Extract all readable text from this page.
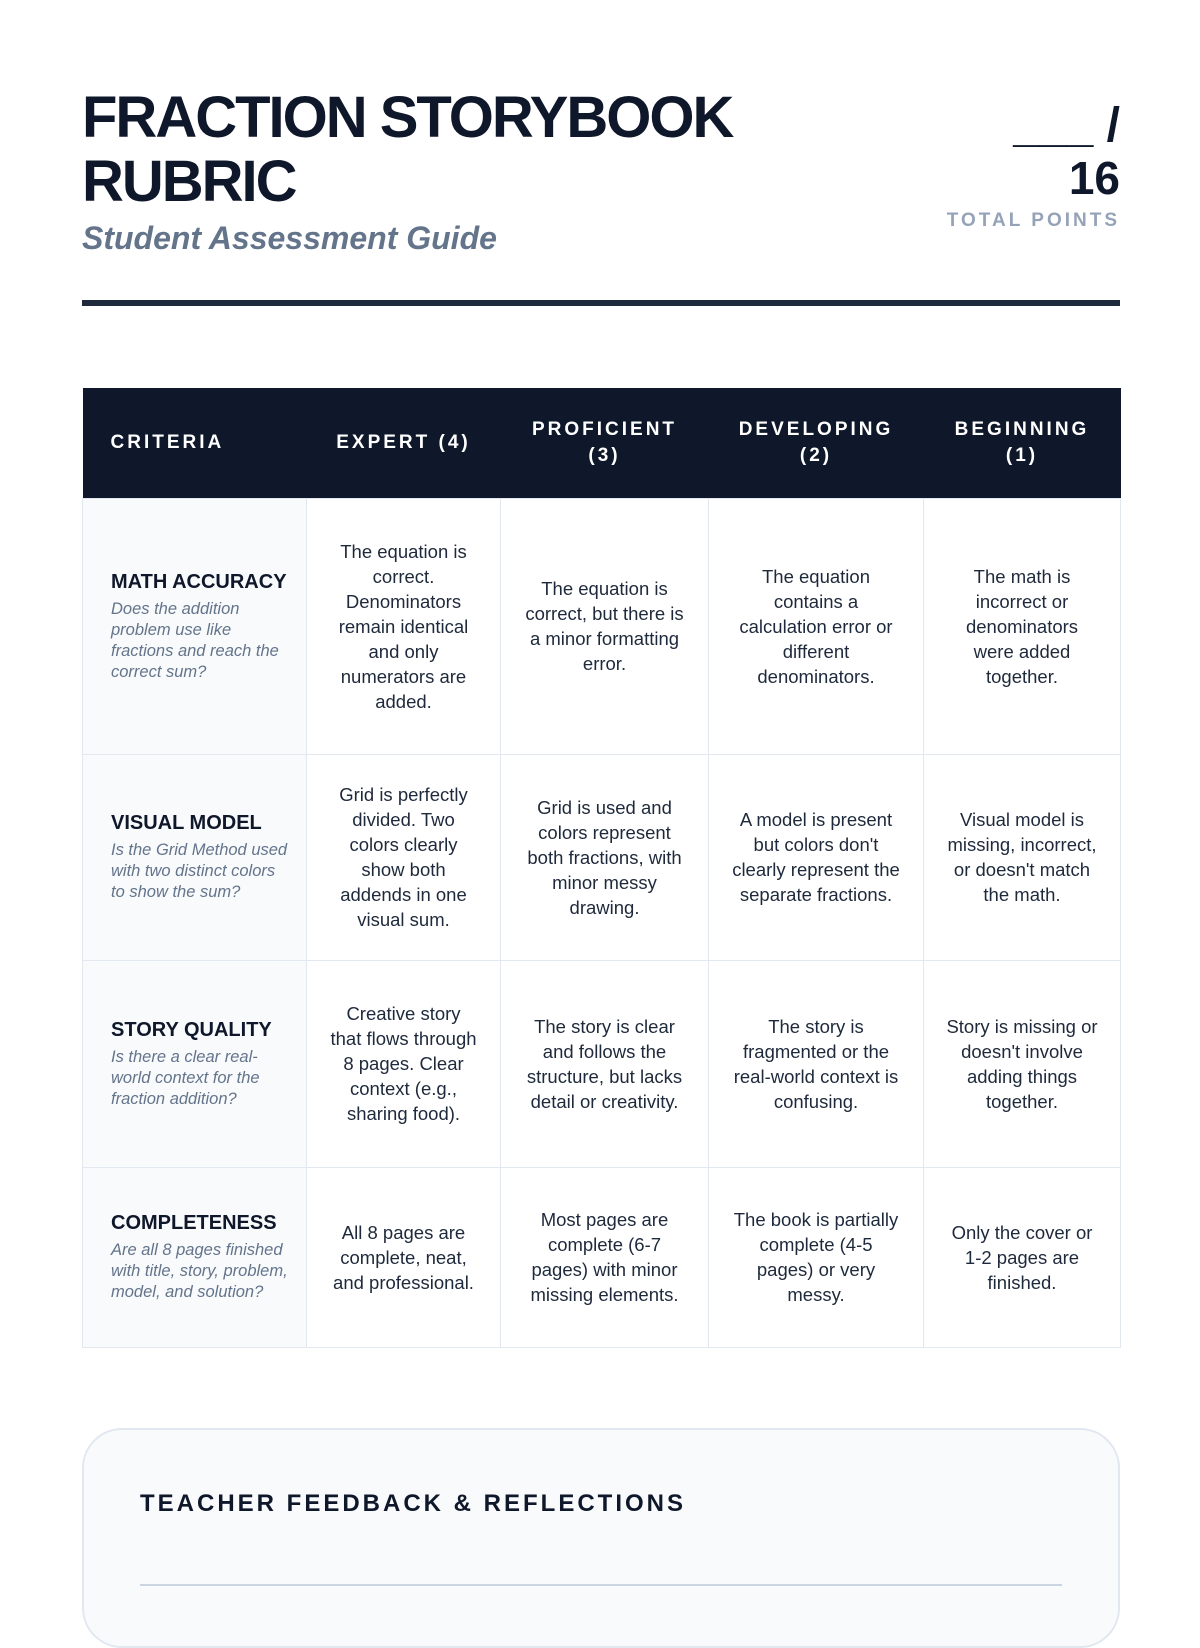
FRACTION STORYBOOK RUBRIC
Student Assessment Guide
___ /
16
TOTAL POINTS
CRITERIA	EXPERT (4)	PROFICIENT (3)	DEVELOPING (2)	BEGINNING (1)

MATH ACCURACY
Does the addition problem use like fractions and reach the correct sum?	The equation is correct. Denominators remain identical and only numerators are added.	The equation is correct, but there is a minor formatting error.	The equation contains a calculation error or different denominators.	The math is incorrect or denominators were added together.

VISUAL MODEL
Is the Grid Method used with two distinct colors to show the sum?	Grid is perfectly divided. Two colors clearly show both addends in one visual sum.	Grid is used and colors represent both fractions, with minor messy drawing.	A model is present but colors don't clearly represent the separate fractions.	Visual model is missing, incorrect, or doesn't match the math.

STORY QUALITY
Is there a clear real-world context for the fraction addition?	Creative story that flows through 8 pages. Clear context (e.g., sharing food).	The story is clear and follows the structure, but lacks detail or creativity.	The story is fragmented or the real-world context is confusing.	Story is missing or doesn't involve adding things together.

COMPLETENESS
Are all 8 pages finished with title, story, problem, model, and solution?	All 8 pages are complete, neat, and professional.	Most pages are complete (6-7 pages) with minor missing elements.	The book is partially complete (4-5 pages) or very messy.	Only the cover or 1-2 pages are finished.
TEACHER FEEDBACK & REFLECTIONS
